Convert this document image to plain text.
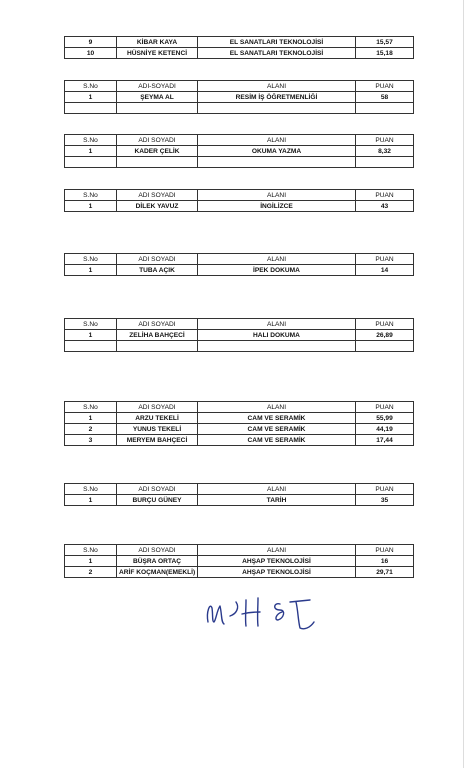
9	KİBAR KAYA	EL SANATLARI TEKNOLOJİSİ	15,57
10	HÜSNİYE KETENCİ	EL SANATLARI TEKNOLOJİSİ	15,18
S.No	ADI-SOYADI	ALANI	PUAN
1	ŞEYMA AL	RESİM İŞ ÖĞRETMENLİĞİ	58

S.No	ADI SOYADI	ALANI	PUAN
1	KADER ÇELİK	OKUMA YAZMA	8,32

S.No	ADI SOYADI	ALANI	PUAN
1	DİLEK YAVUZ	İNGİLİZCE	43
S.No	ADI SOYADI	ALANI	PUAN
1	TUBA AÇIK	İPEK DOKUMA	14
S.No	ADI SOYADI	ALANI	PUAN
1	ZELİHA BAHÇECİ	HALI DOKUMA	26,89

S.No	ADI SOYADI	ALANI	PUAN
1	ARZU TEKELİ	CAM VE SERAMİK	55,99
2	YUNUS TEKELİ	CAM VE SERAMİK	44,19
3	MERYEM BAHÇECİ	CAM VE SERAMİK	17,44
S.No	ADI SOYADI	ALANI	PUAN
1	BURÇU GÜNEY	TARİH	35
S.No	ADI SOYADI	ALANI	PUAN
1	BÜŞRA ORTAÇ	AHŞAP TEKNOLOJİSİ	16
2	ARİF KOÇMAN(EMEKLİ)	AHŞAP TEKNOLOJİSİ	29,71
